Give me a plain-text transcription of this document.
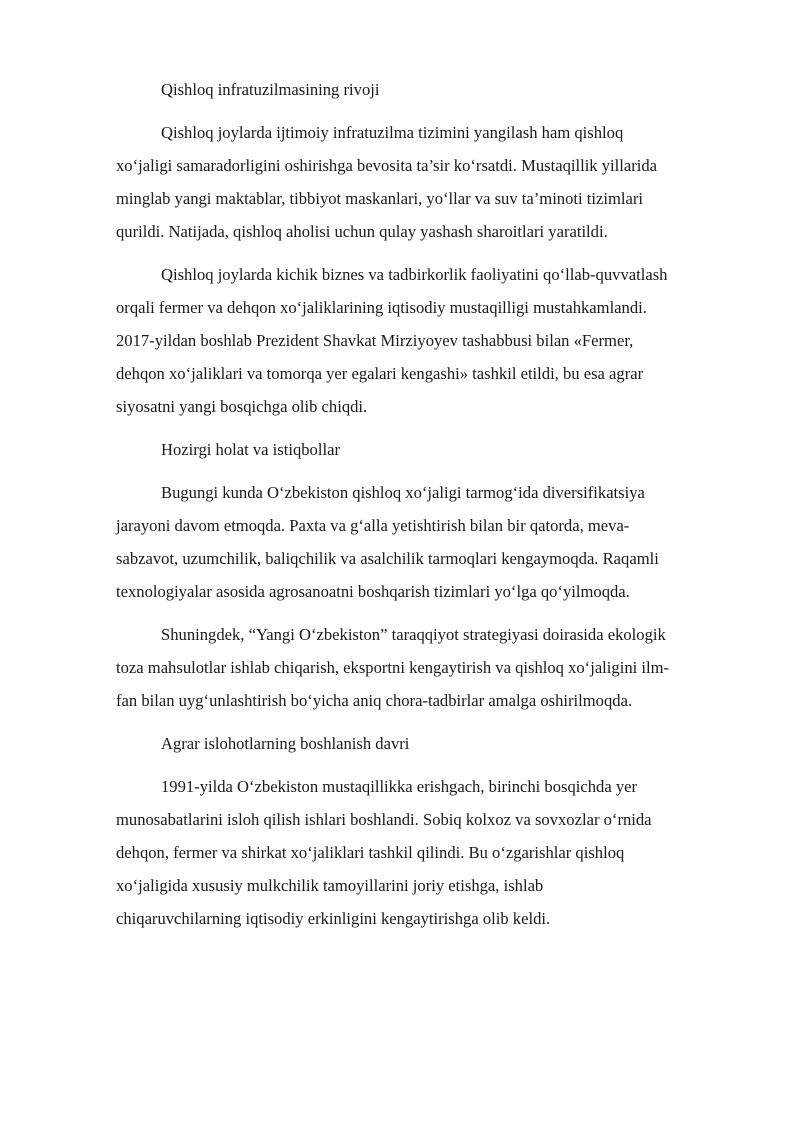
Qishloq infratuzilmasining rivoji

Qishloq joylarda ijtimoiy infratuzilma tizimini yangilash ham qishloq
xo‘jaligi samaradorligini oshirishga bevosita ta’sir ko‘rsatdi. Mustaqillik yillarida
minglab yangi maktablar, tibbiyot maskanlari, yo‘llar va suv ta’minoti tizimlari
qurildi. Natijada, qishloq aholisi uchun qulay yashash sharoitlari yaratildi.

Qishloq joylarda kichik biznes va tadbirkorlik faoliyatini qo‘llab-quvvatlash
orqali fermer va dehqon xo‘jaliklarining iqtisodiy mustaqilligi mustahkamlandi.
2017-yildan boshlab Prezident Shavkat Mirziyoyev tashabbusi bilan «Fermer,
dehqon xo‘jaliklari va tomorqa yer egalari kengashi» tashkil etildi, bu esa agrar
siyosatni yangi bosqichga olib chiqdi.

Hozirgi holat va istiqbollar

Bugungi kunda O‘zbekiston qishloq xo‘jaligi tarmog‘ida diversifikatsiya
jarayoni davom etmoqda. Paxta va g‘alla yetishtirish bilan bir qatorda, meva-
sabzavot, uzumchilik, baliqchilik va asalchilik tarmoqlari kengaymoqda. Raqamli
texnologiyalar asosida agrosanoatni boshqarish tizimlari yo‘lga qo‘yilmoqda.

Shuningdek, “Yangi O‘zbekiston” taraqqiyot strategiyasi doirasida ekologik
toza mahsulotlar ishlab chiqarish, eksportni kengaytirish va qishloq xo‘jaligini ilm-
fan bilan uyg‘unlashtirish bo‘yicha aniq chora-tadbirlar amalga oshirilmoqda.

Agrar islohotlarning boshlanish davri

1991-yilda O‘zbekiston mustaqillikka erishgach, birinchi bosqichda yer
munosabatlarini isloh qilish ishlari boshlandi. Sobiq kolxoz va sovxozlar o‘rnida
dehqon, fermer va shirkat xo‘jaliklari tashkil qilindi. Bu o‘zgarishlar qishloq
xo‘jaligida xususiy mulkchilik tamoyillarini joriy etishga, ishlab
chiqaruvchilarning iqtisodiy erkinligini kengaytirishga olib keldi.
